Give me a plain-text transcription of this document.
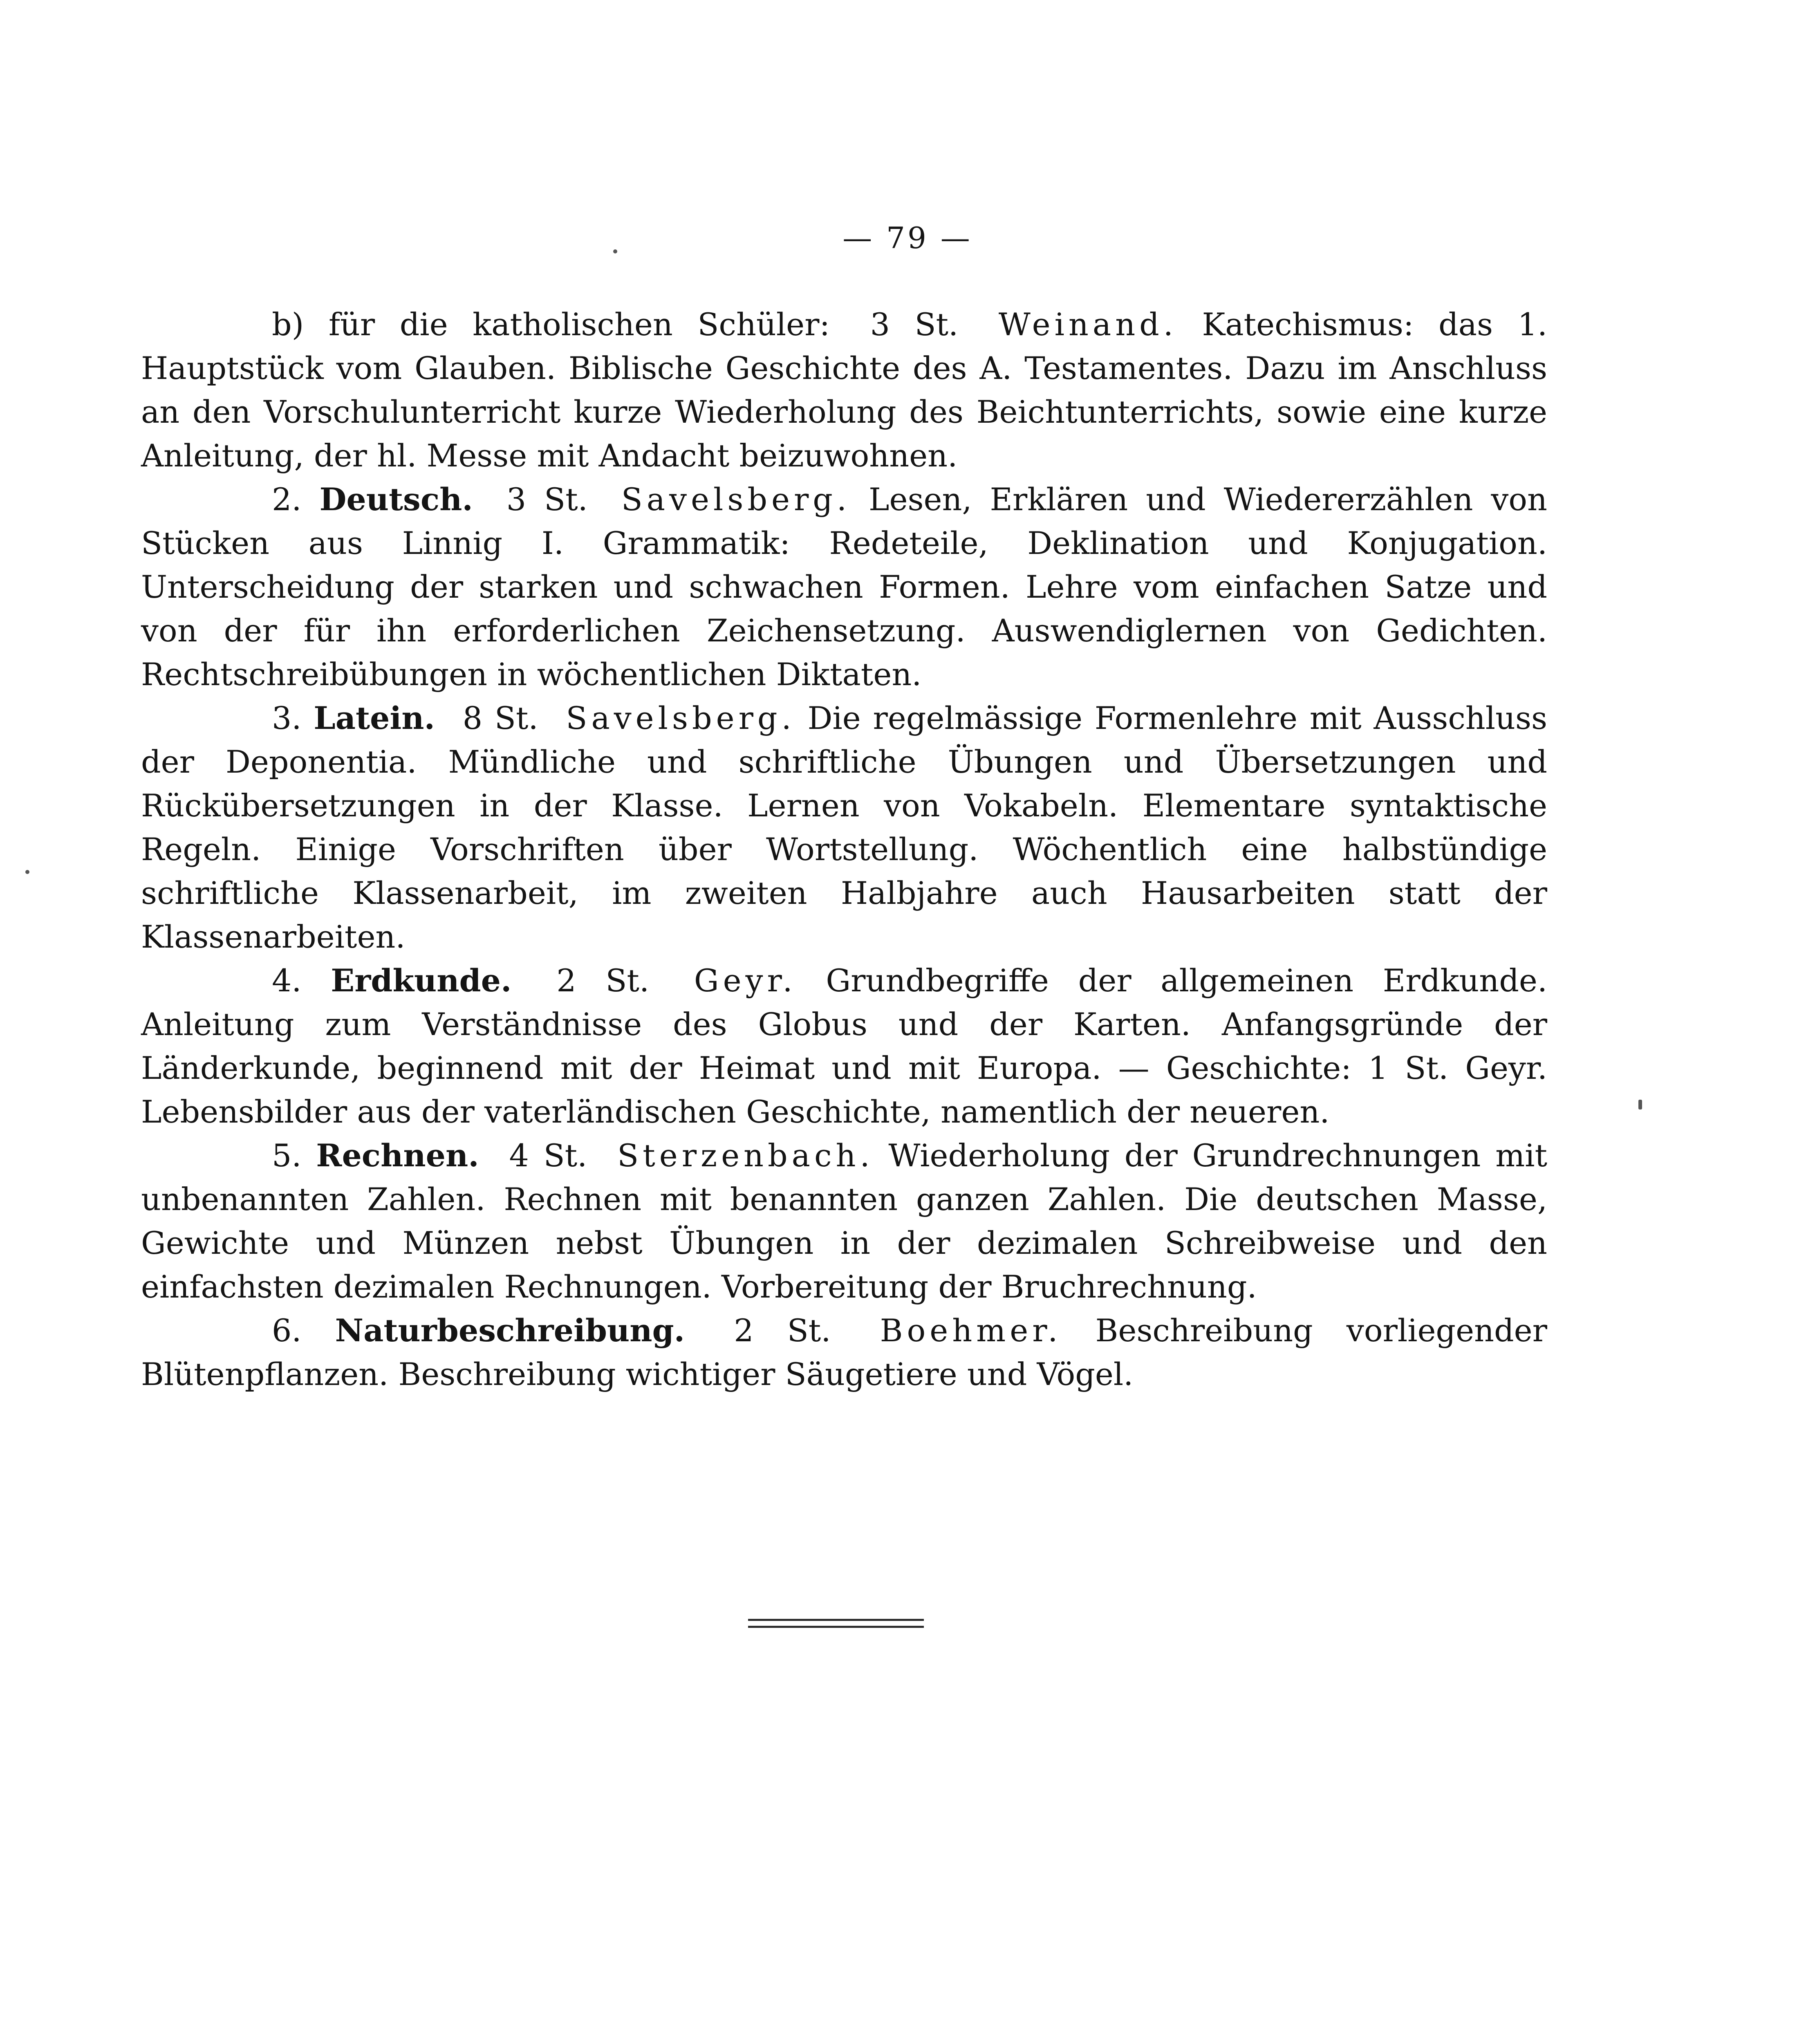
— 79 —

b) für die katholischen Schüler:  3 St.  Weinand. Katechismus: das 1. Hauptstück vom Glauben. Biblische Geschichte des A. Testamentes. Dazu im Anschluss an den Vorschulunterricht kurze Wiederholung des Beichtunterrichts, sowie eine kurze Anleitung, der hl. Messe mit Andacht beizuwohnen.

2. Deutsch.  3 St.  Savelsberg. Lesen, Erklären und Wiedererzählen von Stücken aus Linnig I. Grammatik: Redeteile, Deklination und Konjugation. Unterscheidung der starken und schwachen Formen. Lehre vom einfachen Satze und von der für ihn erforderlichen Zeichensetzung. Auswendiglernen von Gedichten. Rechtschreibübungen in wöchentlichen Diktaten.

3. Latein.  8 St.  Savelsberg. Die regelmässige Formenlehre mit Ausschluss der Deponentia. Mündliche und schriftliche Übungen und Übersetzungen und Rückübersetzungen in der Klasse. Lernen von Vokabeln. Elementare syntaktische Regeln. Einige Vorschriften über Wortstellung. Wöchentlich eine halbstündige schriftliche Klassenarbeit, im zweiten Halbjahre auch Hausarbeiten statt der Klassenarbeiten.

4. Erdkunde.  2 St.  Geyr. Grundbegriffe der allgemeinen Erdkunde. Anleitung zum Verständnisse des Globus und der Karten. Anfangsgründe der Länderkunde, beginnend mit der Heimat und mit Europa. — Geschichte: 1 St. Geyr. Lebensbilder aus der vaterländischen Geschichte, namentlich der neueren.

5. Rechnen.  4 St.  Sterzenbach. Wiederholung der Grundrechnungen mit unbenannten Zahlen. Rechnen mit benannten ganzen Zahlen. Die deutschen Masse, Gewichte und Münzen nebst Übungen in der dezimalen Schreibweise und den einfachsten dezimalen Rechnungen. Vorbereitung der Bruchrechnung.

6. Naturbeschreibung.  2 St.  Boehmer. Beschreibung vorliegender Blütenpflanzen. Beschreibung wichtiger Säugetiere und Vögel.
